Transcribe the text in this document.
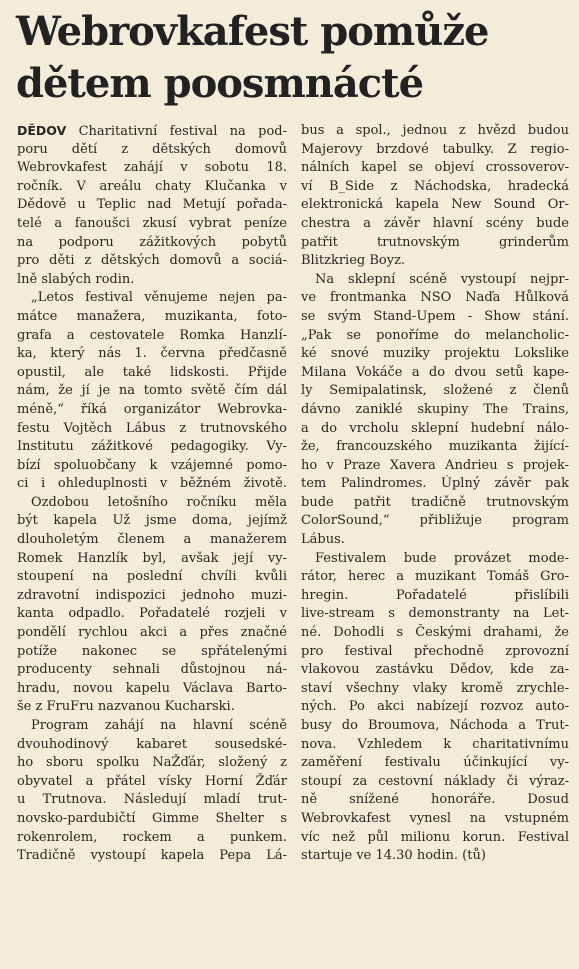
Webrovkafest pomůže
dětem poosmnácté
DĚDOV Charitativní festival na pod-
poru dětí z dětských domovů
Webrovkafest zahájí v sobotu 18.
ročník. V areálu chaty Klučanka v
Dědově u Teplic nad Metují pořada-
telé a fanoušci zkusí vybrat peníze
na podporu zážitkových pobytů
pro děti z dětských domovů a sociá-
lně slabých rodin.
„Letos festival věnujeme nejen pa-
mátce manažera, muzikanta, foto-
grafa a cestovatele Romka Hanzlí-
ka, který nás 1. června předčasně
opustil, ale také lidskosti. Přijde
nám, že jí je na tomto světě čím dál
méně,“ říká organizátor Webrovka-
festu Vojtěch Lábus z trutnovského
Institutu zážitkové pedagogiky. Vy-
bízí spoluobčany k vzájemné pomo-
ci i ohleduplnosti v běžném životě.
Ozdobou letošního ročníku měla
být kapela Už jsme doma, jejímž
dlouholetým členem a manažerem
Romek Hanzlík byl, avšak její vy-
stoupení na poslední chvíli kvůli
zdravotní indispozici jednoho muzi-
kanta odpadlo. Pořadatelé rozjeli v
pondělí rychlou akci a přes značné
potíže nakonec se spřátelenými
producenty sehnali důstojnou ná-
hradu, novou kapelu Václava Barto-
še z FruFru nazvanou Kucharski.
Program zahájí na hlavní scéně
dvouhodinový kabaret sousedské-
ho sboru spolku NaŽďár, složený z
obyvatel a přátel vísky Horní Žďár
u Trutnova. Následují mladí trut-
novsko-pardubičtí Gimme Shelter s
rokenrolem, rockem a punkem.
Tradičně vystoupí kapela Pepa Lá-
bus a spol., jednou z hvězd budou
Majerovy brzdové tabulky. Z regio-
nálních kapel se objeví crossoverov-
ví B_Side z Náchodska, hradecká
elektronická kapela New Sound Or-
chestra a závěr hlavní scény bude
patřit trutnovským grinderům
Blitzkrieg Boyz.
Na sklepní scéně vystoupí nejpr-
ve frontmanka NSO Naďa Hůlková
se svým Stand-Upem - Show stání.
„Pak se ponoříme do melancholic-
ké snové muziky projektu Lokslike
Milana Vokáče a do dvou setů kape-
ly Semipalatinsk, složené z členů
dávno zaniklé skupiny The Trains,
a do vrcholu sklepní hudební nálo-
že, francouzského muzikanta žijící-
ho v Praze Xavera Andrieu s projek-
tem Palindromes. Úplný závěr pak
bude patřit tradičně trutnovským
ColorSound,“ přibližuje program
Lábus.
Festivalem bude provázet mode-
rátor, herec a muzikant Tomáš Gro-
hregin. Pořadatelé přislíbili
live-stream s demonstranty na Let-
né. Dohodli s Českými drahami, že
pro festival přechodně zprovozní
vlakovou zastávku Dědov, kde za-
staví všechny vlaky kromě zrychle-
ných. Po akci nabízejí rozvoz auto-
busy do Broumova, Náchoda a Trut-
nova. Vzhledem k charitativnímu
zaměření festivalu účinkující vy-
stoupí za cestovní náklady či výraz-
ně snížené honoráře. Dosud
Webrovkafest vynesl na vstupném
víc než půl milionu korun. Festival
startuje ve 14.30 hodin. (tů)
